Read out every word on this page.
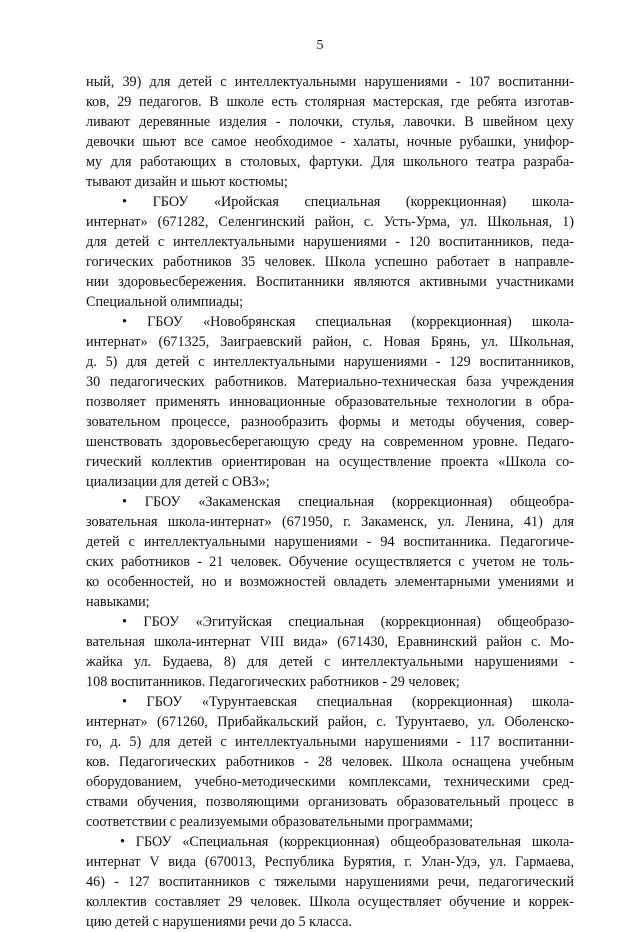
5
ный, 39) для детей с интеллектуальными нарушениями - 107 воспитанни-
ков, 29 педагогов. В школе есть столярная мастерская, где ребята изготав-
ливают деревянные изделия - полочки, стулья, лавочки. В швейном цеху
девочки шьют все самое необходимое - халаты, ночные рубашки, унифор-
му для работающих в столовых, фартуки. Для школьного театра разраба-
тывают дизайн и шьют костюмы;
• ГБОУ «Иройская специальная (коррекционная) школа-
интернат» (671282, Селенгинский район, с. Усть-Урма, ул. Школьная, 1)
для детей с интеллектуальными нарушениями - 120 воспитанников, педа-
гогических работников 35 человек. Школа успешно работает в направле-
нии здоровьесбережения. Воспитанники являются активными участниками
Специальной олимпиады;
• ГБОУ «Новобрянская специальная (коррекционная) школа-
интернат» (671325, Заиграевский район, с. Новая Брянь, ул. Школьная,
д. 5) для детей с интеллектуальными нарушениями - 129 воспитанников,
30 педагогических работников. Материально-техническая база учреждения
позволяет применять инновационные образовательные технологии в обра-
зовательном процессе, разнообразить формы и методы обучения, совер-
шенствовать здоровьесберегающую среду на современном уровне. Педаго-
гический коллектив ориентирован на осуществление проекта «Школа со-
циализации для детей с ОВЗ»;
• ГБОУ «Закаменская специальная (коррекционная) общеобра-
зовательная школа-интернат» (671950, г. Закаменск, ул. Ленина, 41) для
детей с интеллектуальными нарушениями - 94 воспитанника. Педагогиче-
ских работников - 21 человек. Обучение осуществляется с учетом не толь-
ко особенностей, но и возможностей овладеть элементарными умениями и
навыками;
• ГБОУ «Эгитуйская специальная (коррекционная) общеобразо-
вательная школа-интернат VIII вида» (671430, Еравнинский район с. Мо-
жайка ул. Будаева, 8) для детей с интеллектуальными нарушениями -
108 воспитанников. Педагогических работников - 29 человек;
• ГБОУ «Турунтаевская специальная (коррекционная) школа-
интернат» (671260, Прибайкальский район, с. Турунтаево, ул. Оболенско-
го, д. 5) для детей с интеллектуальными нарушениями - 117 воспитанни-
ков. Педагогических работников - 28 человек. Школа оснащена учебным
оборудованием, учебно-методическими комплексами, техническими сред-
ствами обучения, позволяющими организовать образовательный процесс в
соответствии с реализуемыми образовательными программами;
• ГБОУ «Специальная (коррекционная) общеобразовательная школа-
интернат V вида (670013, Республика Бурятия, г. Улан-Удэ, ул. Гармаева,
46) - 127 воспитанников с тяжелыми нарушениями речи, педагогический
коллектив составляет 29 человек. Школа осуществляет обучение и коррек-
цию детей с нарушениями речи до 5 класса.
